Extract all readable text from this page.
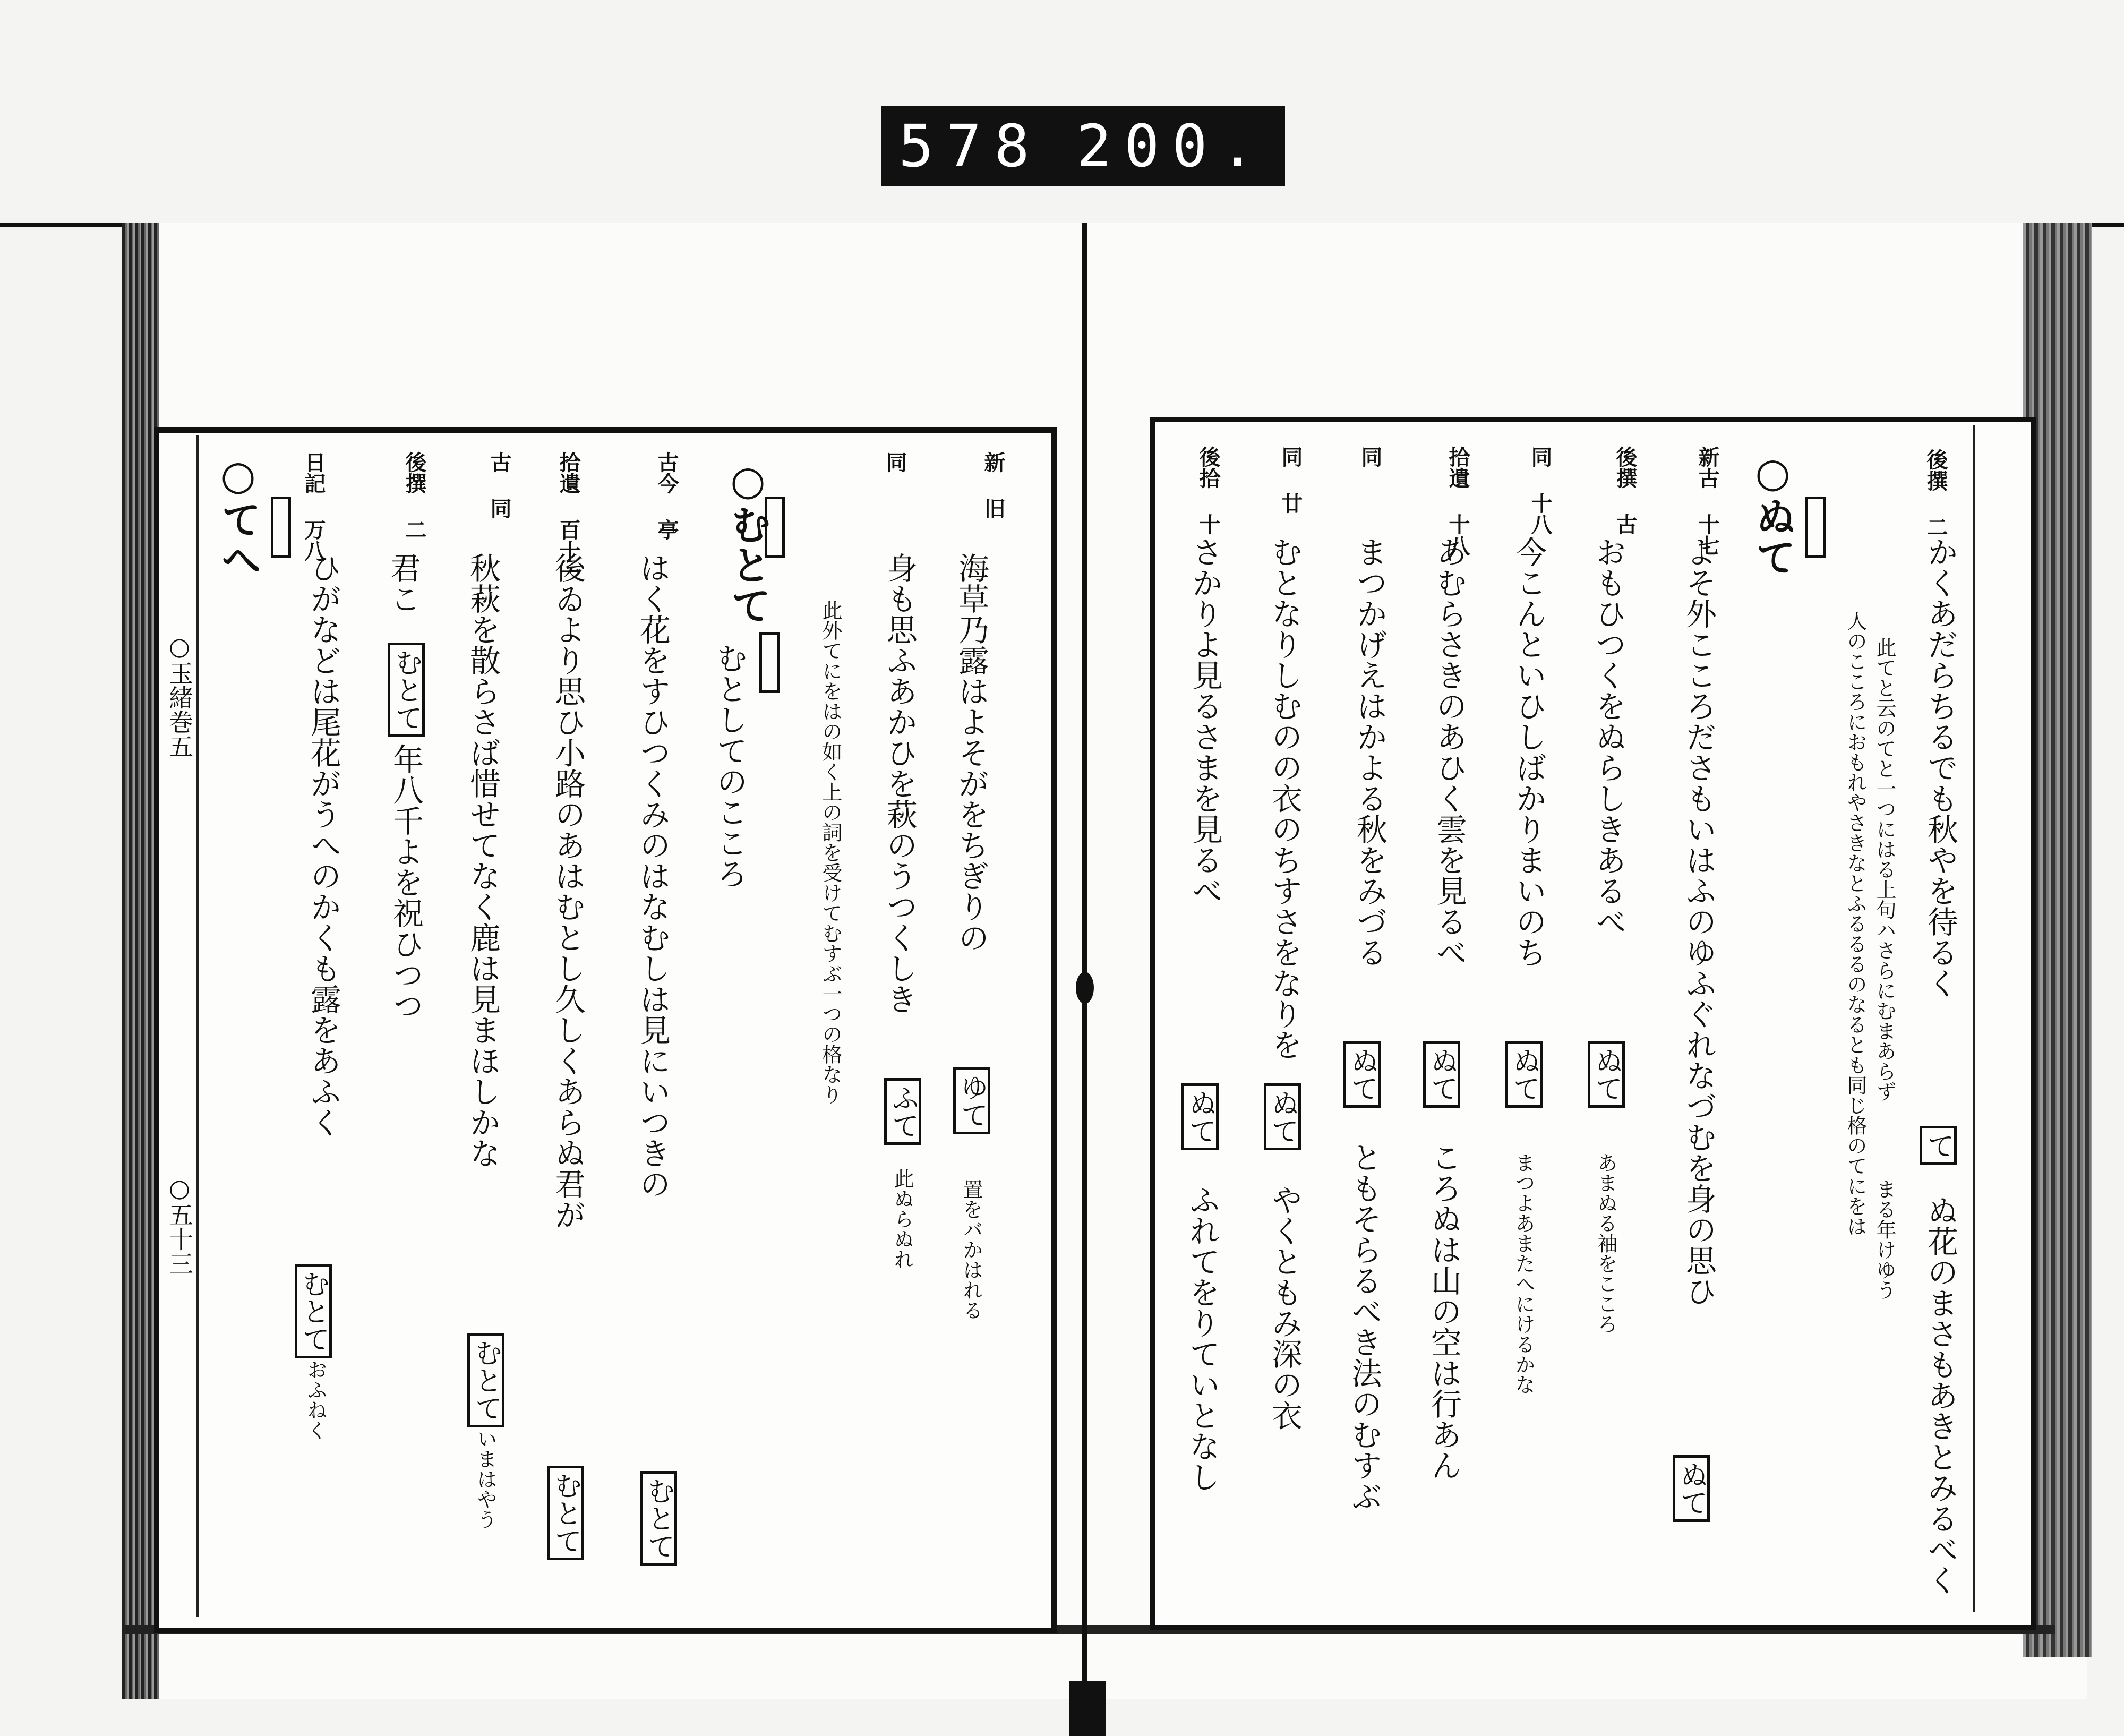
578 200.
○玉緒巻五
○五十三
新 旧
海草乃露はよそがをちぎりの
ゆて
置をバかはれる
同
身も思ふあかひを萩のうつくしき
ふて
此ぬらぬれ
此外てにをはの如く上の詞を受けてむすぶ一つの格なり
○むとて
むとしてのこころ
古今 亭
はく花をすひつくみのはなむしは見にいつきの
むとて
拾遺 百十一
後ゐより思ひ小路のあはむとし久しくあらぬ君が
むとて
古 同
秋萩を散らさば惜せてなく鹿は見まほしかな
むとて
いまはやう
後撰 二
君こ
むとて
年八千よを祝ひつつ
日記 万八
ひがなどは尾花がうへのかくも露をあふく
むとて
おふねく
○てへ	後撰 二
かくあだらちるでも秋やを待るく
て
ぬ花のまさもあきとみるべく
此てと云のてと一つにはる上句ハさらにむまあらず
まる年けゆう
人のこころにおもれやさきなとふるるるのなるとも同じ格のてにをは
○ぬて
新古 十七
よそ外こころださもいはふのゆふぐれなづむを身の思ひ
ぬて
後撰 古
おもひつくをぬらしきあるべ
ぬて
あまぬる袖をこころ
同 十八
今こんといひしばかりまいのち
ぬて
まつよあまたへにけるかな
拾遺 十八
あむらさきのあひく雲を見るべ
ぬて
ころぬは山の空は行あん
同
まつかげえはかよる秋をみづる
ぬて
ともそらるべき法のむすぶ
同 廿
むとなりしむのの衣のちすさをなりを
ぬて
やくともみ深の衣
後拾 十
さかりよ見るさまを見るべ
ぬて
ふれてをりていとなし
